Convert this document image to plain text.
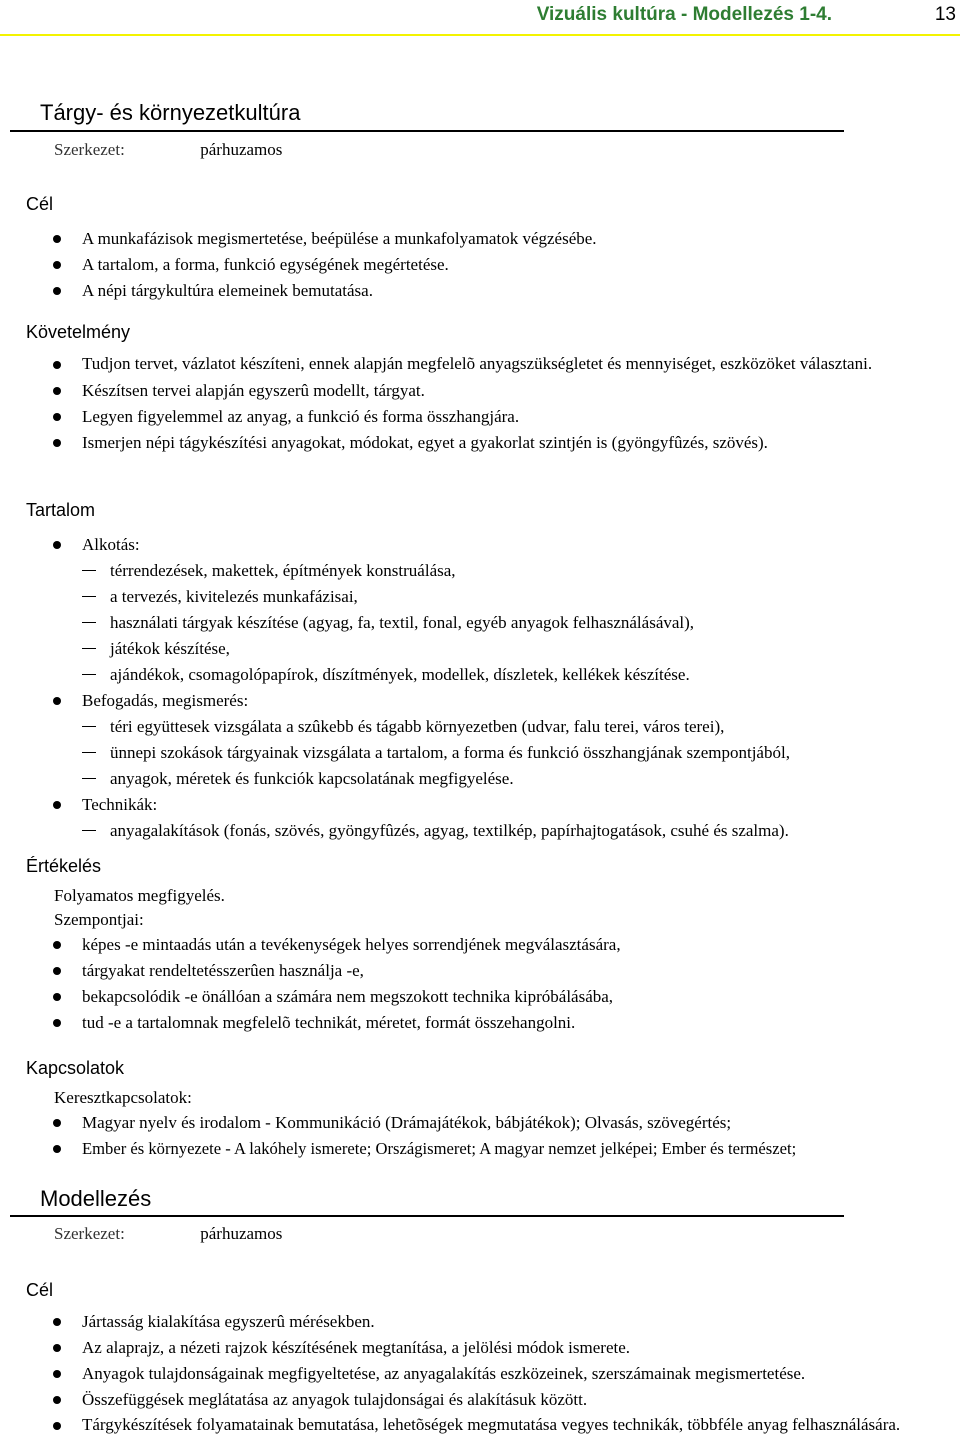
Vizuális kultúra - Modellezés 1-4.	13
Tárgy- és környezetkultúra
Szerkezet:	párhuzamos
Cél
A munkafázisok megismertetése, beépülése a munkafolyamatok végzésébe.
A tartalom, a forma, funkció egységének megértetése.
A népi tárgykultúra elemeinek bemutatása.
Követelmény
Tudjon tervet, vázlatot készíteni, ennek alapján megfelelõ anyagszükségletet és mennyiséget, eszközöket választani.
Készítsen tervei alapján egyszerû modellt, tárgyat.
Legyen figyelemmel az anyag, a funkció és forma összhangjára.
Ismerjen népi tágykészítési anyagokat, módokat, egyet a gyakorlat szintjén is (gyöngyfûzés, szövés).
Tartalom
Alkotás:
térrendezések, makettek, építmények konstruálása,
a tervezés, kivitelezés munkafázisai,
használati tárgyak készítése (agyag, fa, textil, fonal, egyéb anyagok felhasználásával),
játékok készítése,
ajándékok, csomagolópapírok, díszítmények, modellek, díszletek, kellékek készítése.
Befogadás, megismerés:
téri együttesek vizsgálata a szûkebb és tágabb környezetben (udvar, falu terei, város terei),
ünnepi szokások tárgyainak vizsgálata a tartalom, a forma és funkció összhangjának szempontjából,
anyagok, méretek és funkciók kapcsolatának megfigyelése.
Technikák:
anyagalakítások (fonás, szövés, gyöngyfûzés, agyag, textilkép, papírhajtogatások, csuhé és szalma).
Értékelés
Folyamatos megfigyelés.
Szempontjai:
képes -e mintaadás után a tevékenységek helyes sorrendjének megválasztására,
tárgyakat rendeltetésszerûen használja -e,
bekapcsolódik -e önállóan a számára nem megszokott technika kipróbálásába,
tud -e a tartalomnak megfelelõ technikát, méretet, formát összehangolni.
Kapcsolatok
Keresztkapcsolatok:
Magyar nyelv és irodalom - Kommunikáció (Drámajátékok, bábjátékok); Olvasás, szövegértés;
Ember és környezete - A lakóhely ismerete; Országismeret; A magyar nemzet jelképei; Ember és természet;
Modellezés
Szerkezet:	párhuzamos
Cél
Jártasság kialakítása egyszerû mérésekben.
Az alaprajz, a nézeti rajzok készítésének megtanítása, a jelölési módok ismerete.
Anyagok tulajdonságainak megfigyeltetése, az anyagalakítás eszközeinek, szerszámainak megismertetése.
Összefüggések meglátatása az anyagok tulajdonságai és alakításuk között.
Tárgykészítések folyamatainak bemutatása, lehetõségek megmutatása vegyes technikák, többféle anyag felhasználására.
